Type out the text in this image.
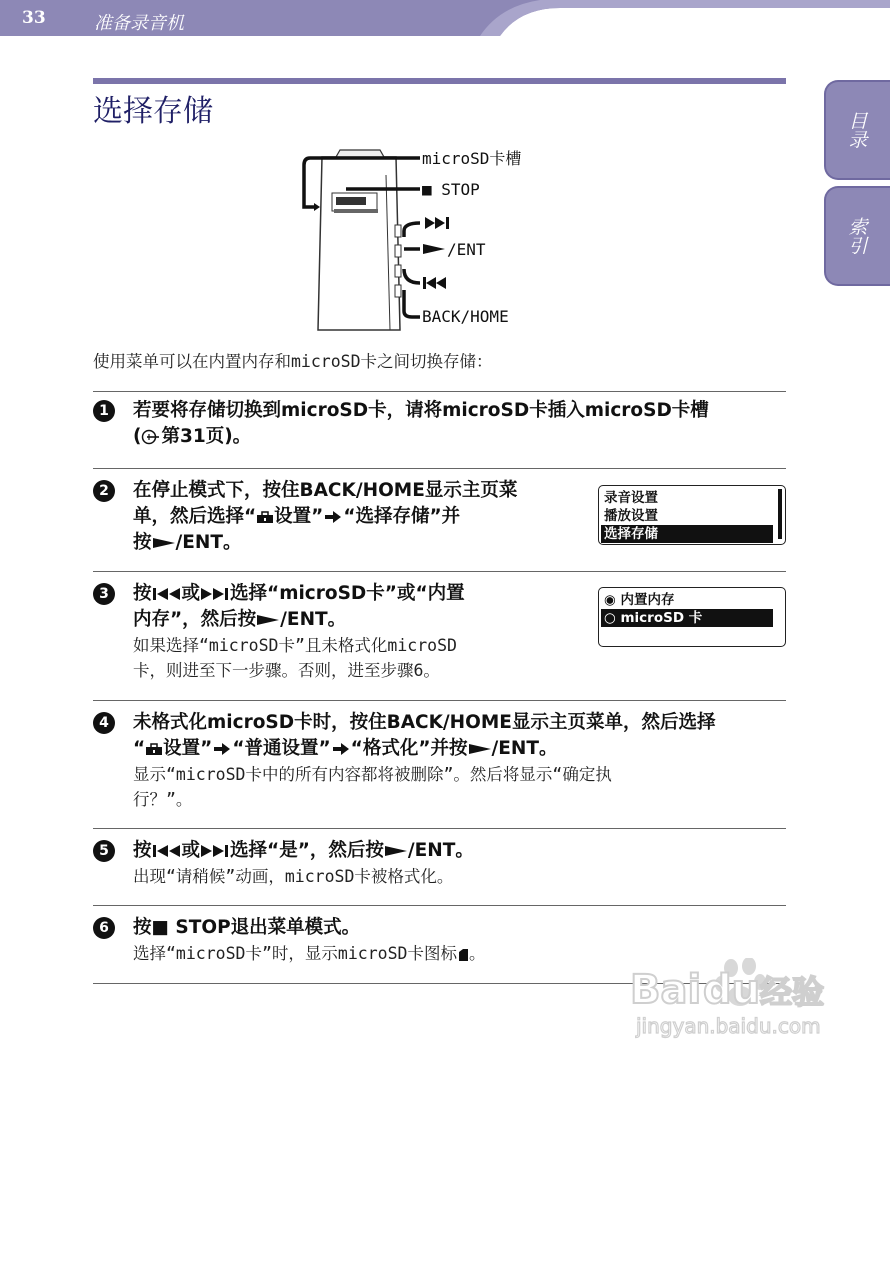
33	准备录音机
目录
索引
选择存储
microSD卡槽
■ STOP
/ENT
BACK/HOME
使用菜单可以在内置内存和microSD卡之间切换存储：
1	若要将存储切换到microSD卡，请将microSD卡插入microSD卡槽
( 第31页)。
2	在停止模式下，按住BACK/HOME显示主页菜
单，然后选择“ 设置” “选择存储”并
按 /ENT。
录音设置
播放设置
选择存储
3	按 或 选择“microSD卡”或“内置
内存”，然后按 /ENT。
如果选择“microSD卡”且未格式化microSD
卡，则进至下一步骤。否则，进至步骤6。
◉ 内置内存
○ microSD 卡
4	未格式化microSD卡时，按住BACK/HOME显示主页菜单，然后选择
“ 设置” “普通设置” “格式化”并按 /ENT。
显示“microSD卡中的所有内容都将被删除”。然后将显示“确定执
行？”。
5	按 或 选择“是”，然后按 /ENT。
出现“请稍候”动画，microSD卡被格式化。
6	按■ STOP退出菜单模式。
选择“microSD卡”时，显示microSD卡图标 。
Bai du 经验
jingyan.baidu.com
